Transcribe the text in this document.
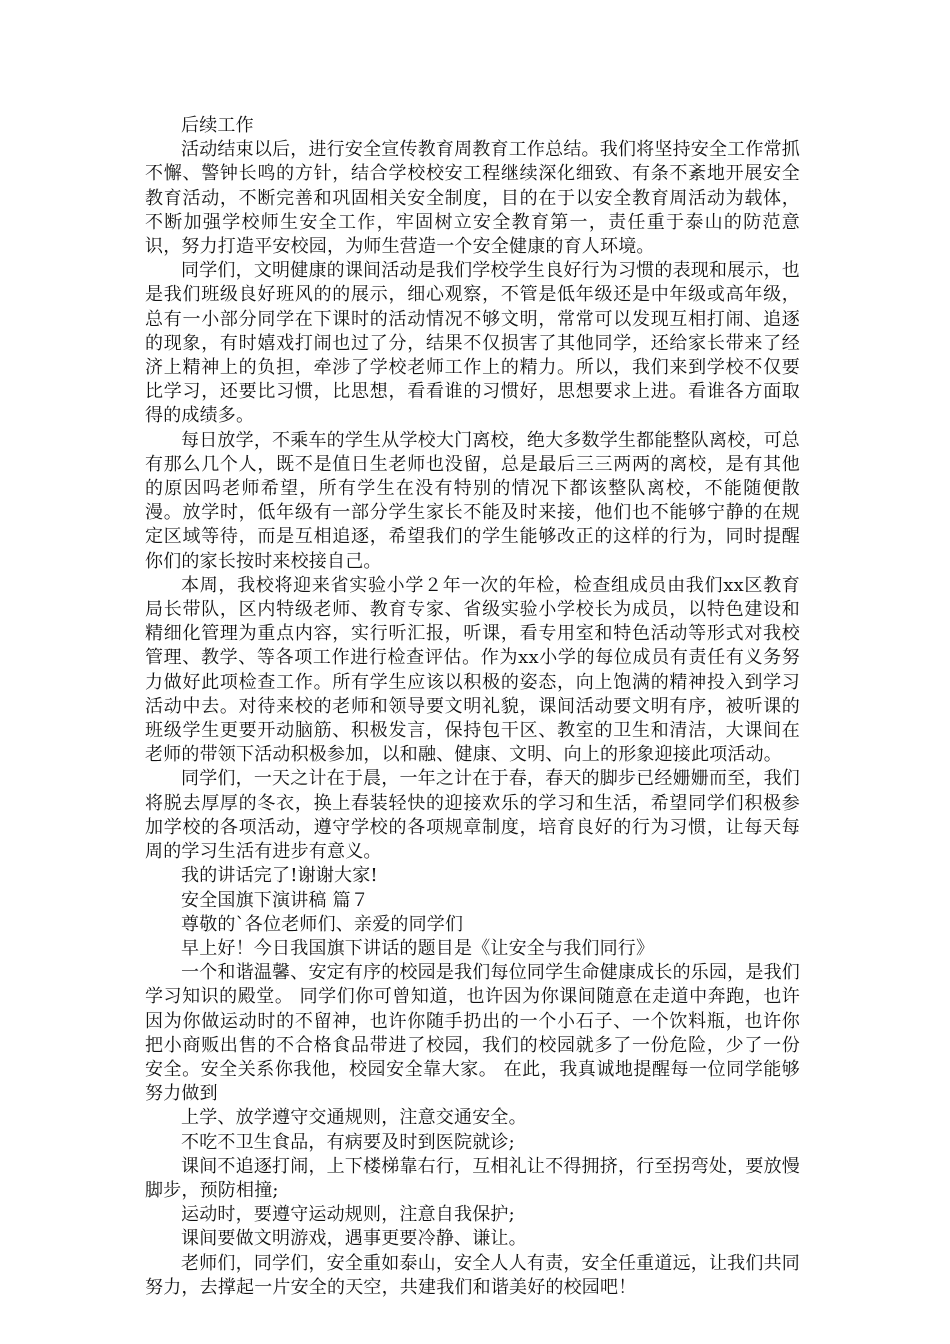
后续工作

活动结束以后，进行安全宣传教育周教育工作总结。我们将坚持安全工作常抓不懈、警钟长鸣的方针，结合学校校安工程继续深化细致、有条不紊地开展安全教育活动，不断完善和巩固相关安全制度，目的在于以安全教育周活动为载体，不断加强学校师生安全工作，牢固树立安全教育第一，责任重于泰山的防范意识，努力打造平安校园，为师生营造一个安全健康的育人环境。

同学们，文明健康的课间活动是我们学校学生良好行为习惯的表现和展示，也是我们班级良好班风的的展示，细心观察，不管是低年级还是中年级或高年级，总有一小部分同学在下课时的活动情况不够文明，常常可以发现互相打闹、追逐的现象，有时嬉戏打闹也过了分，结果不仅损害了其他同学，还给家长带来了经济上精神上的负担，牵涉了学校老师工作上的精力。所以，我们来到学校不仅要比学习，还要比习惯，比思想，看看谁的习惯好，思想要求上进。看谁各方面取得的成绩多。

每日放学，不乘车的学生从学校大门离校，绝大多数学生都能整队离校，可总有那么几个人，既不是值日生老师也没留，总是最后三三两两的离校，是有其他的原因吗老师希望，所有学生在没有特别的情况下都该整队离校，不能随便散漫。放学时，低年级有一部分学生家长不能及时来接，他们也不能够宁静的在规定区域等待，而是互相追逐，希望我们的学生能够改正的这样的行为，同时提醒你们的家长按时来校接自己。

本周，我校将迎来省实验小学２年一次的年检，检查组成员由我们xx区教育局长带队，区内特级老师、教育专家、省级实验小学校长为成员，以特色建设和精细化管理为重点内容，实行听汇报，听课，看专用室和特色活动等形式对我校管理、教学、等各项工作进行检查评估。作为xx小学的每位成员有责任有义务努力做好此项检查工作。所有学生应该以积极的姿态，向上饱满的精神投入到学习活动中去。对待来校的老师和领导要文明礼貌，课间活动要文明有序，被听课的班级学生更要开动脑筋、积极发言，保持包干区、教室的卫生和清洁，大课间在老师的带领下活动积极参加，以和融、健康、文明、向上的形象迎接此项活动。

同学们，一天之计在于晨，一年之计在于春，春天的脚步已经姗姗而至，我们将脱去厚厚的冬衣，换上春装轻快的迎接欢乐的学习和生活，希望同学们积极参加学校的各项活动，遵守学校的各项规章制度，培育良好的行为习惯，让每天每周的学习生活有进步有意义。

我的讲话完了!谢谢大家!

安全国旗下演讲稿 篇７

尊敬的`各位老师们、亲爱的同学们

早上好！今日我国旗下讲话的题目是《让安全与我们同行》

一个和谐温馨、安定有序的校园是我们每位同学生命健康成长的乐园，是我们学习知识的殿堂。 同学们你可曾知道，也许因为你课间随意在走道中奔跑，也许因为你做运动时的不留神，也许你随手扔出的一个小石子、一个饮料瓶，也许你把小商贩出售的不合格食品带进了校园，我们的校园就多了一份危险，少了一份安全。安全关系你我他，校园安全靠大家。 在此，我真诚地提醒每一位同学能够努力做到

上学、放学遵守交通规则，注意交通安全。

不吃不卫生食品，有病要及时到医院就诊;

课间不追逐打闹，上下楼梯靠右行，互相礼让不得拥挤，行至拐弯处，要放慢脚步，预防相撞;

运动时，要遵守运动规则，注意自我保护;

课间要做文明游戏，遇事更要冷静、谦让。

老师们，同学们，安全重如泰山，安全人人有责，安全任重道远，让我们共同努力，去撑起一片安全的天空，共建我们和谐美好的校园吧！
